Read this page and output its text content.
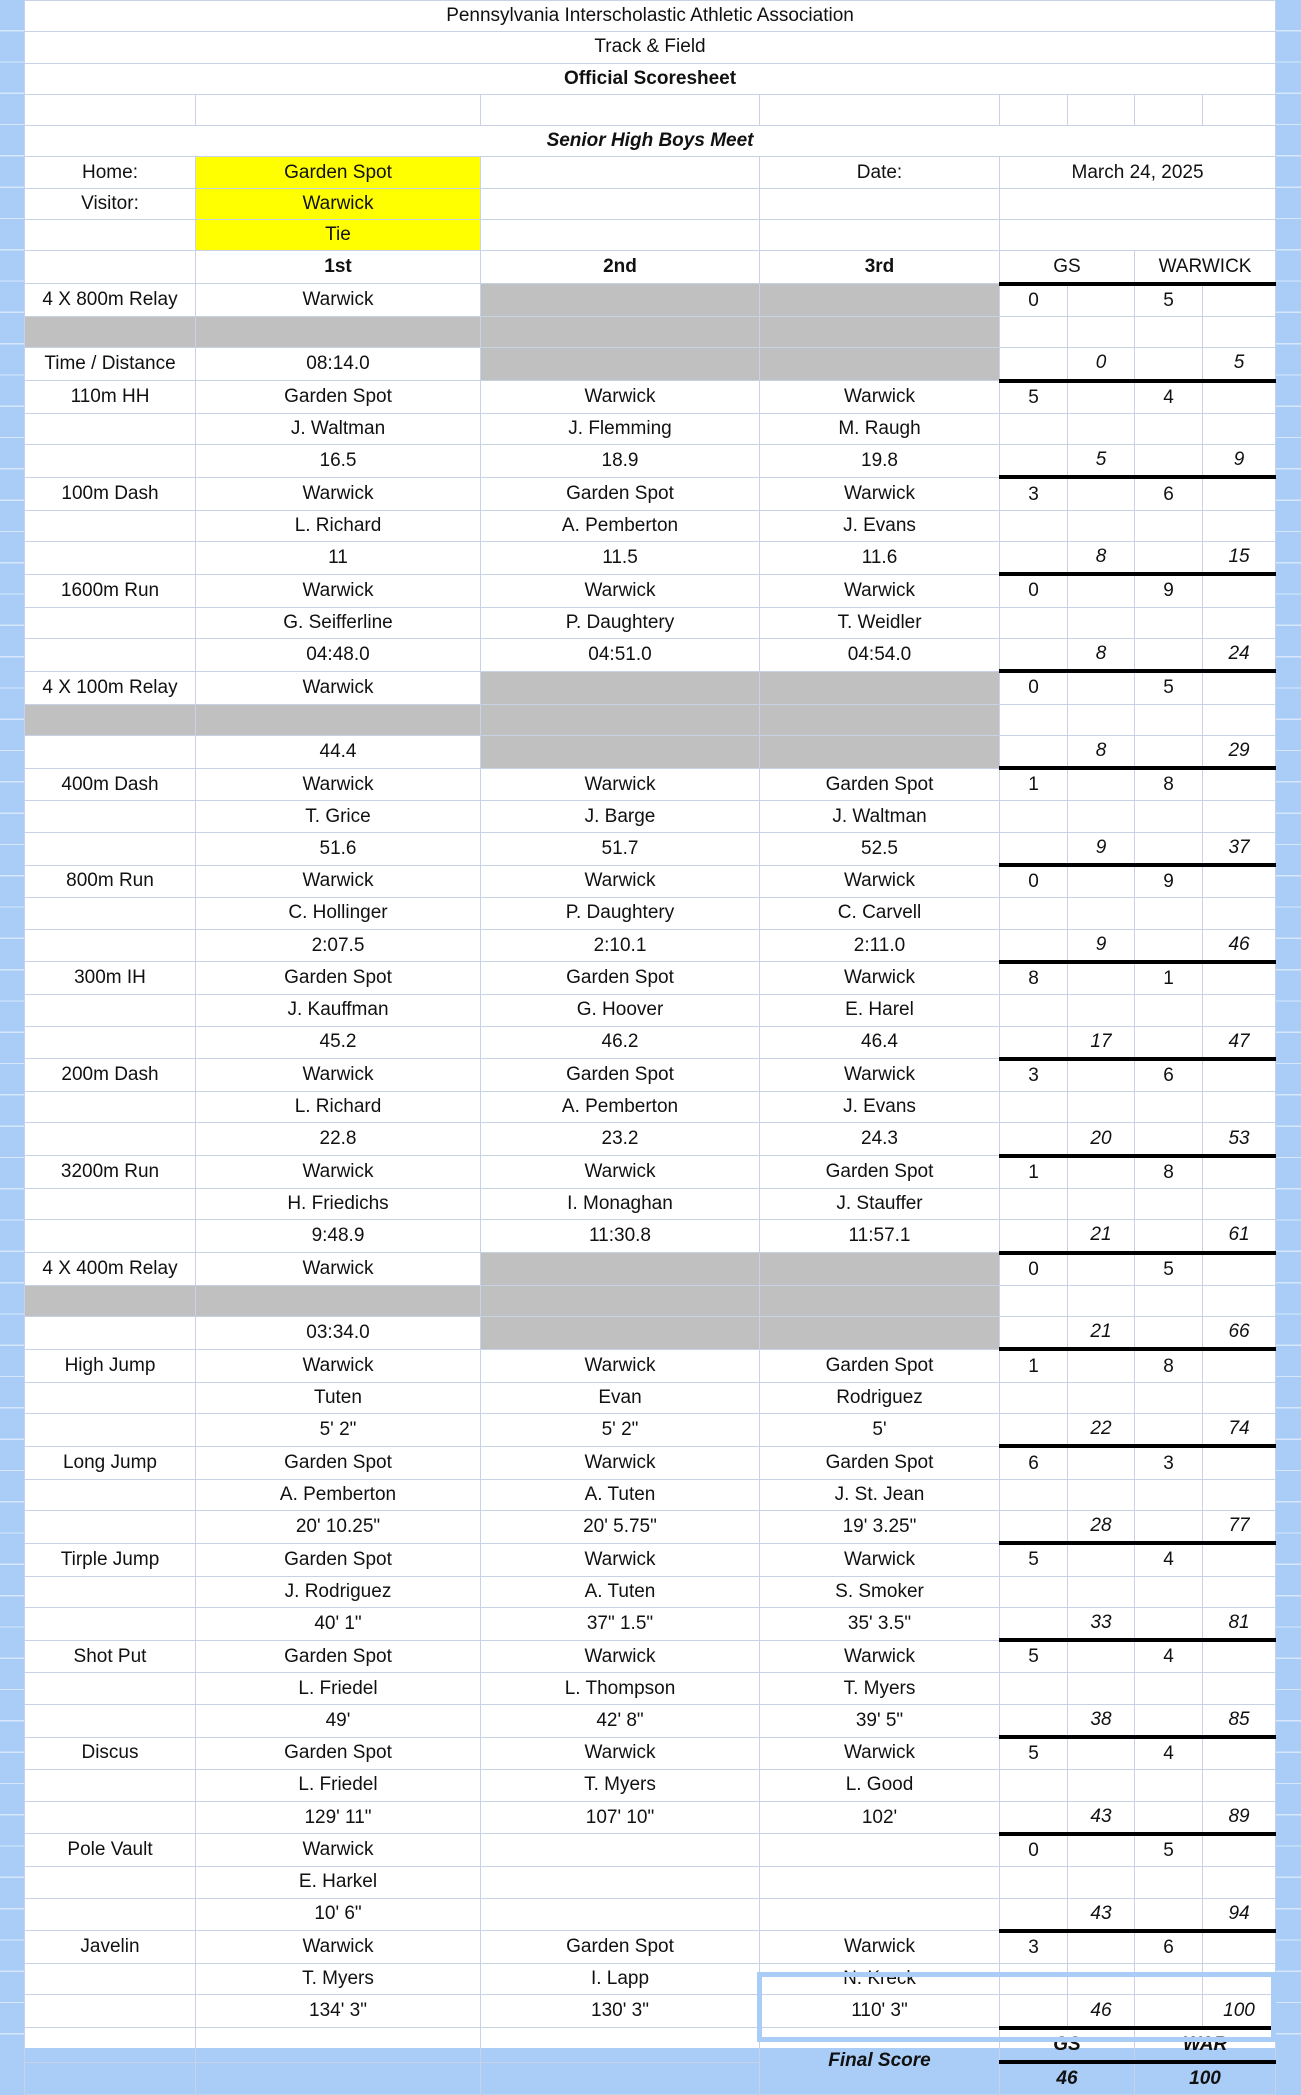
Pennsylvania Interscholastic Athletic Association							
Track & Field							
Official Scoresheet							

Senior High Boys Meet							
Home:	Garden Spot		Date:	March 24, 2025			
Visitor:	Warwick						
	Tie						
	1st	2nd	3rd	GS		WARWICK	
4 X 800m Relay	Warwick			0		5	

Time / Distance	08:14.0				0		5
110m HH	Garden Spot	Warwick	Warwick	5		4	
	J. Waltman	J. Flemming	M. Raugh				
	16.5	18.9	19.8		5		9
100m Dash	Warwick	Garden Spot	Warwick	3		6	
	L. Richard	A. Pemberton	J. Evans				
	11	11.5	11.6		8		15
1600m Run	Warwick	Warwick	Warwick	0		9	
	G. Seifferline	P. Daughtery	T. Weidler				
	04:48.0	04:51.0	04:54.0		8		24
4 X 100m Relay	Warwick			0		5	

	44.4				8		29
400m Dash	Warwick	Warwick	Garden Spot	1		8	
	T. Grice	J. Barge	J. Waltman				
	51.6	51.7	52.5		9		37
800m Run	Warwick	Warwick	Warwick	0		9	
	C. Hollinger	P. Daughtery	C. Carvell				
	2:07.5	2:10.1	2:11.0		9		46
300m IH	Garden Spot	Garden Spot	Warwick	8		1	
	J. Kauffman	G. Hoover	E. Harel				
	45.2	46.2	46.4		17		47
200m Dash	Warwick	Garden Spot	Warwick	3		6	
	L. Richard	A. Pemberton	J. Evans				
	22.8	23.2	24.3		20		53
3200m Run	Warwick	Warwick	Garden Spot	1		8	
	H. Friedichs	I. Monaghan	J. Stauffer				
	9:48.9	11:30.8	11:57.1		21		61
4 X 400m Relay	Warwick			0		5	

	03:34.0				21		66
High Jump	Warwick	Warwick	Garden Spot	1		8	
	Tuten	Evan	Rodriguez				
	5' 2"	5' 2"	5'		22		74
Long Jump	Garden Spot	Warwick	Garden Spot	6		3	
	A. Pemberton	A. Tuten	J. St. Jean				
	20' 10.25"	20' 5.75"	19' 3.25"		28		77
Tirple Jump	Garden Spot	Warwick	Warwick	5		4	
	J. Rodriguez	A. Tuten	S. Smoker				
	40' 1"	37" 1.5"	35' 3.5"		33		81
Shot Put	Garden Spot	Warwick	Warwick	5		4	
	L. Friedel	L. Thompson	T. Myers				
	49'	42' 8"	39' 5"		38		85
Discus	Garden Spot	Warwick	Warwick	5		4	
	L. Friedel	T. Myers	L. Good				
	129' 11"	107' 10"	102'		43		89
Pole Vault	Warwick			0		5	
	E. Harkel						
	10' 6"				43		94
Javelin	Warwick	Garden Spot	Warwick	3		6	
	T. Myers	I. Lapp	N. Kreck				
	134' 3"	130' 3"	110' 3"		46		100
			Final Score	GS		WAR	
				46		100	
